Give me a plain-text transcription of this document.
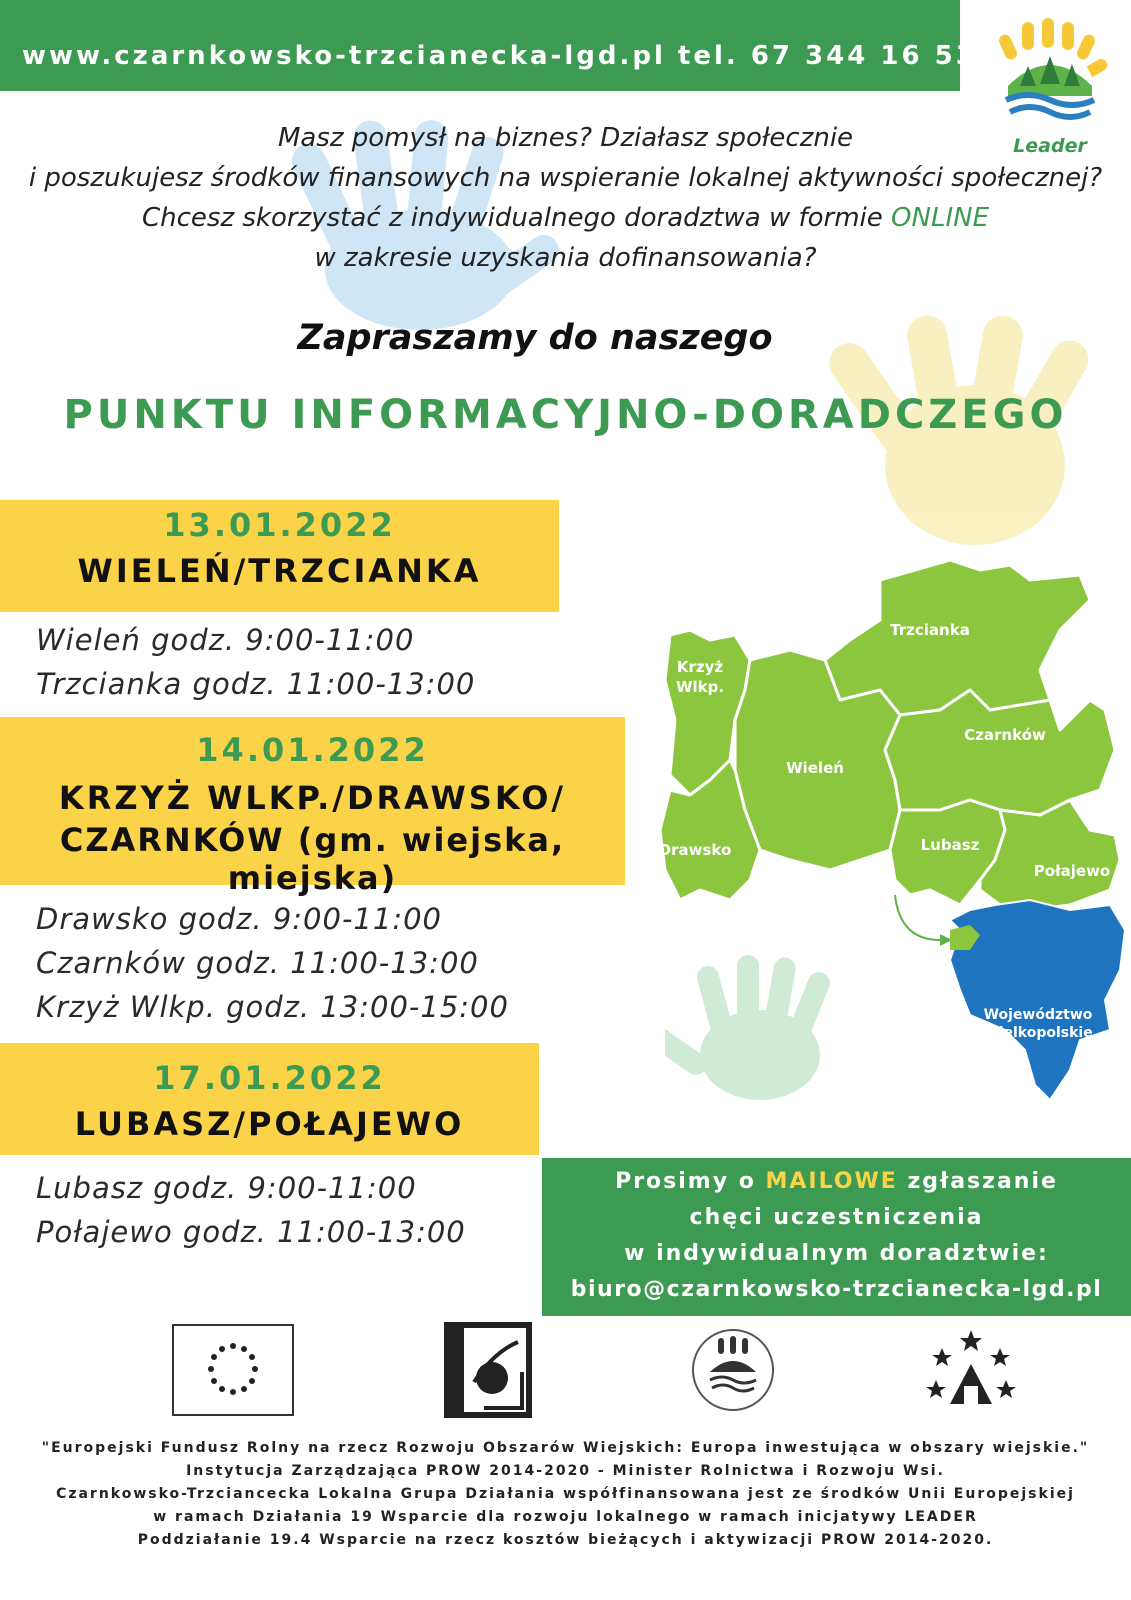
www.czarnkowsko-trzcianecka-lgd.pl tel. 67 344 16 53
Leader
Masz pomysł na biznes? Działasz społecznie
i poszukujesz środków finansowych na wspieranie lokalnej aktywności społecznej?
Chcesz skorzystać z indywidualnego doradztwa w formie ONLINE
w zakresie uzyskania dofinansowania?
Zapraszamy do naszego
PUNKTU INFORMACYJNO-DORADCZEGO
13.01.2022
WIELEŃ/TRZCIANKA
Wieleń godz. 9:00-11:00
Trzcianka godz. 11:00-13:00
14.01.2022
KRZYŻ WLKP./DRAWSKO/
CZARNKÓW (gm. wiejska, miejska)
Drawsko godz. 9:00-11:00
Czarnków godz. 11:00-13:00
Krzyż Wlkp. godz. 13:00-15:00
17.01.2022
LUBASZ/POŁAJEWO
Lubasz godz. 9:00-11:00
Połajewo godz. 11:00-13:00
Trzcianka
Krzyż
Wlkp.
Czarnków
Wieleń
Drawsko	Lubasz
Połajewo
Województwo
Wielkopolskie
Prosimy o MAILOWE zgłaszanie
chęci uczestniczenia
w indywidualnym doradztwie:
biuro@czarnkowsko-trzcianecka-lgd.pl
"Europejski Fundusz Rolny na rzecz Rozwoju Obszarów Wiejskich: Europa inwestująca w obszary wiejskie."
Instytucja Zarządzająca PROW 2014-2020 - Minister Rolnictwa i Rozwoju Wsi.
Czarnkowsko-Trzciancecka Lokalna Grupa Działania współfinansowana jest ze środków Unii Europejskiej
w ramach Działania 19 Wsparcie dla rozwoju lokalnego w ramach inicjatywy LEADER
Poddziałanie 19.4 Wsparcie na rzecz kosztów bieżących i aktywizacji PROW 2014-2020.
